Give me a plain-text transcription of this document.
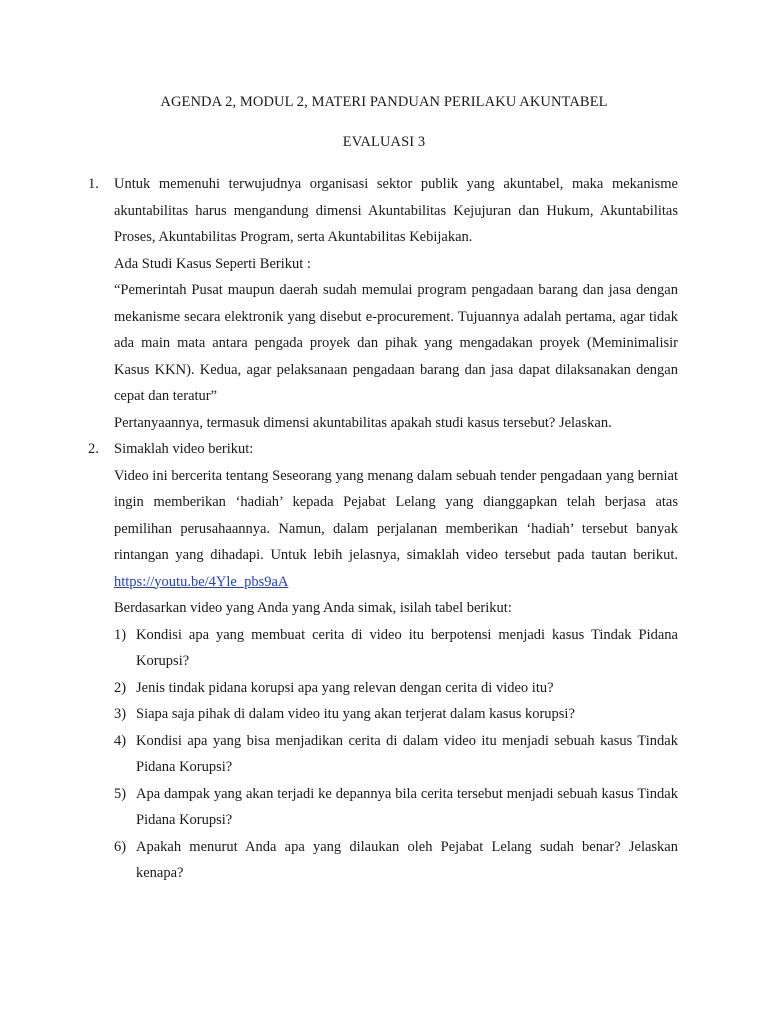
AGENDA 2, MODUL 2, MATERI PANDUAN PERILAKU AKUNTABEL
EVALUASI 3
1. Untuk memenuhi terwujudnya organisasi sektor publik yang akuntabel, maka mekanisme akuntabilitas harus mengandung dimensi Akuntabilitas Kejujuran dan Hukum, Akuntabilitas Proses, Akuntabilitas Program, serta Akuntabilitas Kebijakan.

Ada Studi Kasus Seperti Berikut :

“Pemerintah Pusat maupun daerah sudah memulai program pengadaan barang dan jasa dengan mekanisme secara elektronik yang disebut e-procurement. Tujuannya adalah pertama, agar tidak ada main mata antara pengada proyek dan pihak yang mengadakan proyek (Meminimalisir Kasus KKN). Kedua, agar pelaksanaan pengadaan barang dan jasa dapat dilaksanakan dengan cepat dan teratur”

Pertanyaannya, termasuk dimensi akuntabilitas apakah studi kasus tersebut? Jelaskan.

2. Simaklah video berikut:

Video ini bercerita tentang Seseorang yang menang dalam sebuah tender pengadaan yang berniat ingin memberikan ‘hadiah’ kepada Pejabat Lelang yang dianggapkan telah berjasa atas pemilihan perusahaannya. Namun, dalam perjalanan memberikan ‘hadiah’ tersebut banyak rintangan yang dihadapi. Untuk lebih jelasnya, simaklah video tersebut pada tautan berikut. https://youtu.be/4Yle_pbs9aA

Berdasarkan video yang Anda yang Anda simak, isilah tabel berikut:

1) Kondisi apa yang membuat cerita di video itu berpotensi menjadi kasus Tindak Pidana Korupsi?

2) Jenis tindak pidana korupsi apa yang relevan dengan cerita di video itu?

3) Siapa saja pihak di dalam video itu yang akan terjerat dalam kasus korupsi?

4) Kondisi apa yang bisa menjadikan cerita di dalam video itu menjadi sebuah kasus Tindak Pidana Korupsi?

5) Apa dampak yang akan terjadi ke depannya bila cerita tersebut menjadi sebuah kasus Tindak Pidana Korupsi?

6) Apakah menurut Anda apa yang dilaukan oleh Pejabat Lelang sudah benar? Jelaskan kenapa?
